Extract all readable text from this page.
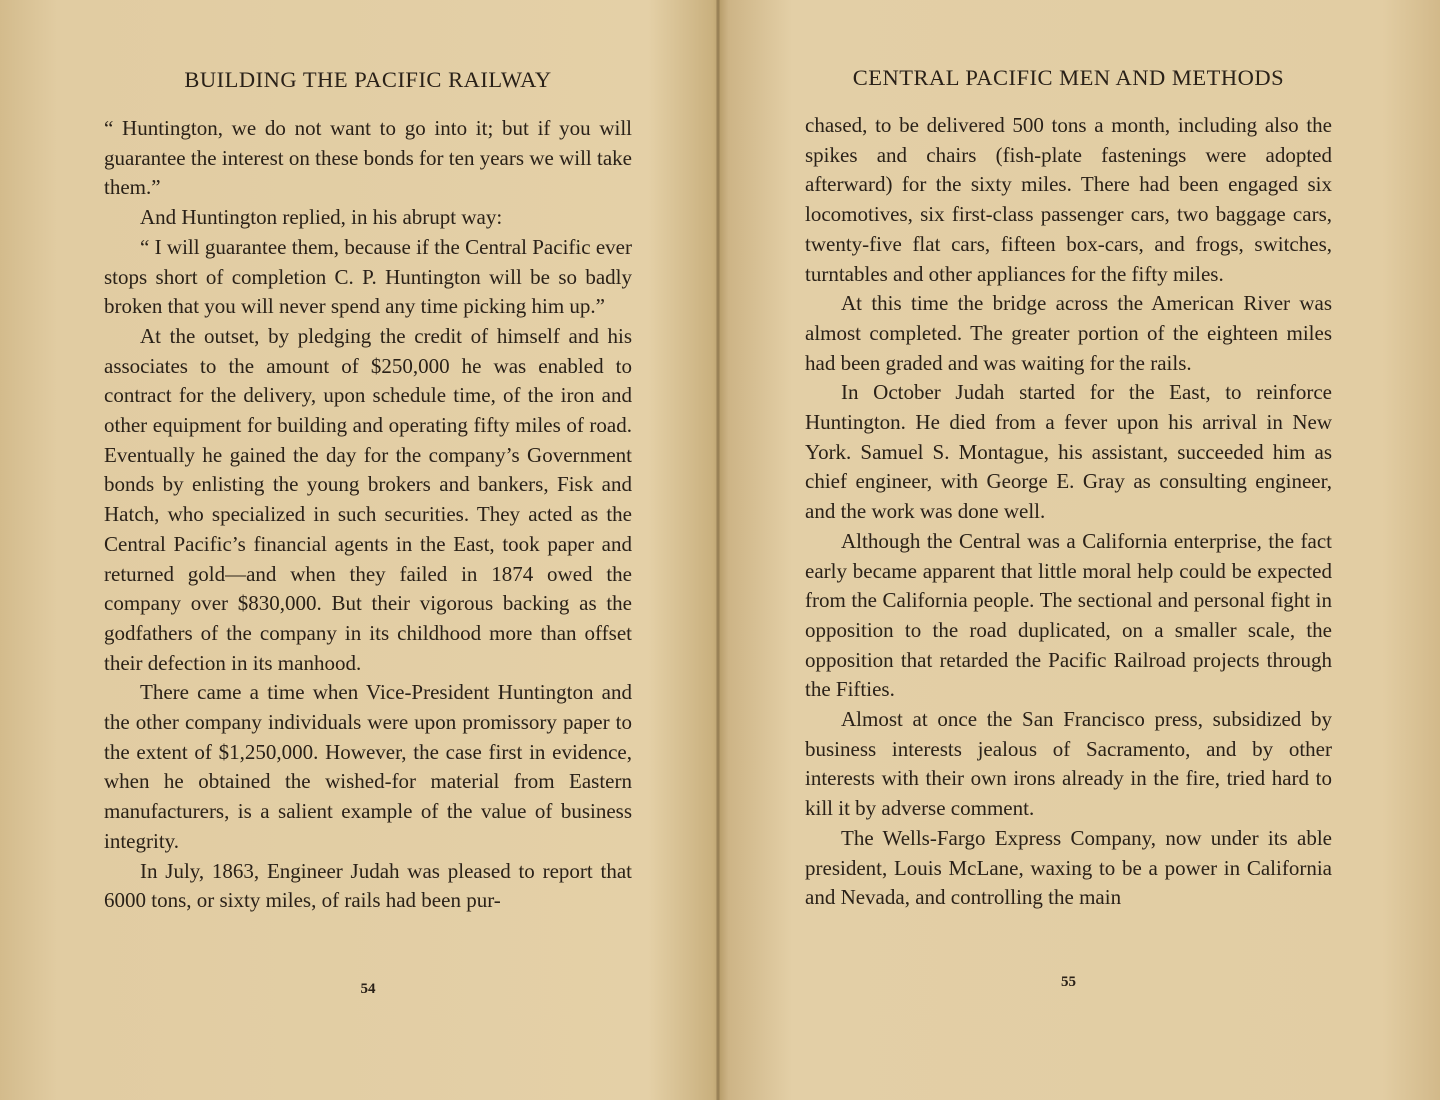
BUILDING THE PACIFIC RAILWAY

“ Huntington, we do not want to go into it; but if you will guarantee the interest on these bonds for ten years we will take them.”

And Huntington replied, in his abrupt way:

“ I will guarantee them, because if the Central Pacific ever stops short of completion C. P. Huntington will be so badly broken that you will never spend any time picking him up.”

At the outset, by pledging the credit of himself and his associates to the amount of $250,000 he was enabled to contract for the delivery, upon schedule time, of the iron and other equipment for building and operating fifty miles of road. Eventually he gained the day for the company’s Government bonds by enlisting the young brokers and bankers, Fisk and Hatch, who specialized in such securities. They acted as the Central Pacific’s financial agents in the East, took paper and returned gold—and when they failed in 1874 owed the company over $830,000. But their vigorous backing as the godfathers of the company in its childhood more than offset their defection in its manhood.

There came a time when Vice-President Huntington and the other company individuals were upon promissory paper to the extent of $1,250,000. However, the case first in evidence, when he obtained the wished-for material from Eastern manufacturers, is a salient example of the value of business integrity.

In July, 1863, Engineer Judah was pleased to report that 6000 tons, or sixty miles, of rails had been pur-

54
CENTRAL PACIFIC MEN AND METHODS

chased, to be delivered 500 tons a month, including also the spikes and chairs (fish-plate fastenings were adopted afterward) for the sixty miles. There had been engaged six locomotives, six first-class passenger cars, two baggage cars, twenty-five flat cars, fifteen box-cars, and frogs, switches, turntables and other appliances for the fifty miles.

At this time the bridge across the American River was almost completed. The greater portion of the eighteen miles had been graded and was waiting for the rails.

In October Judah started for the East, to reinforce Huntington. He died from a fever upon his arrival in New York. Samuel S. Montague, his assistant, succeeded him as chief engineer, with George E. Gray as consulting engineer, and the work was done well.

Although the Central was a California enterprise, the fact early became apparent that little moral help could be expected from the California people. The sectional and personal fight in opposition to the road duplicated, on a smaller scale, the opposition that retarded the Pacific Railroad projects through the Fifties.

Almost at once the San Francisco press, subsidized by business interests jealous of Sacramento, and by other interests with their own irons already in the fire, tried hard to kill it by adverse comment.

The Wells-Fargo Express Company, now under its able president, Louis McLane, waxing to be a power in California and Nevada, and controlling the main

55
